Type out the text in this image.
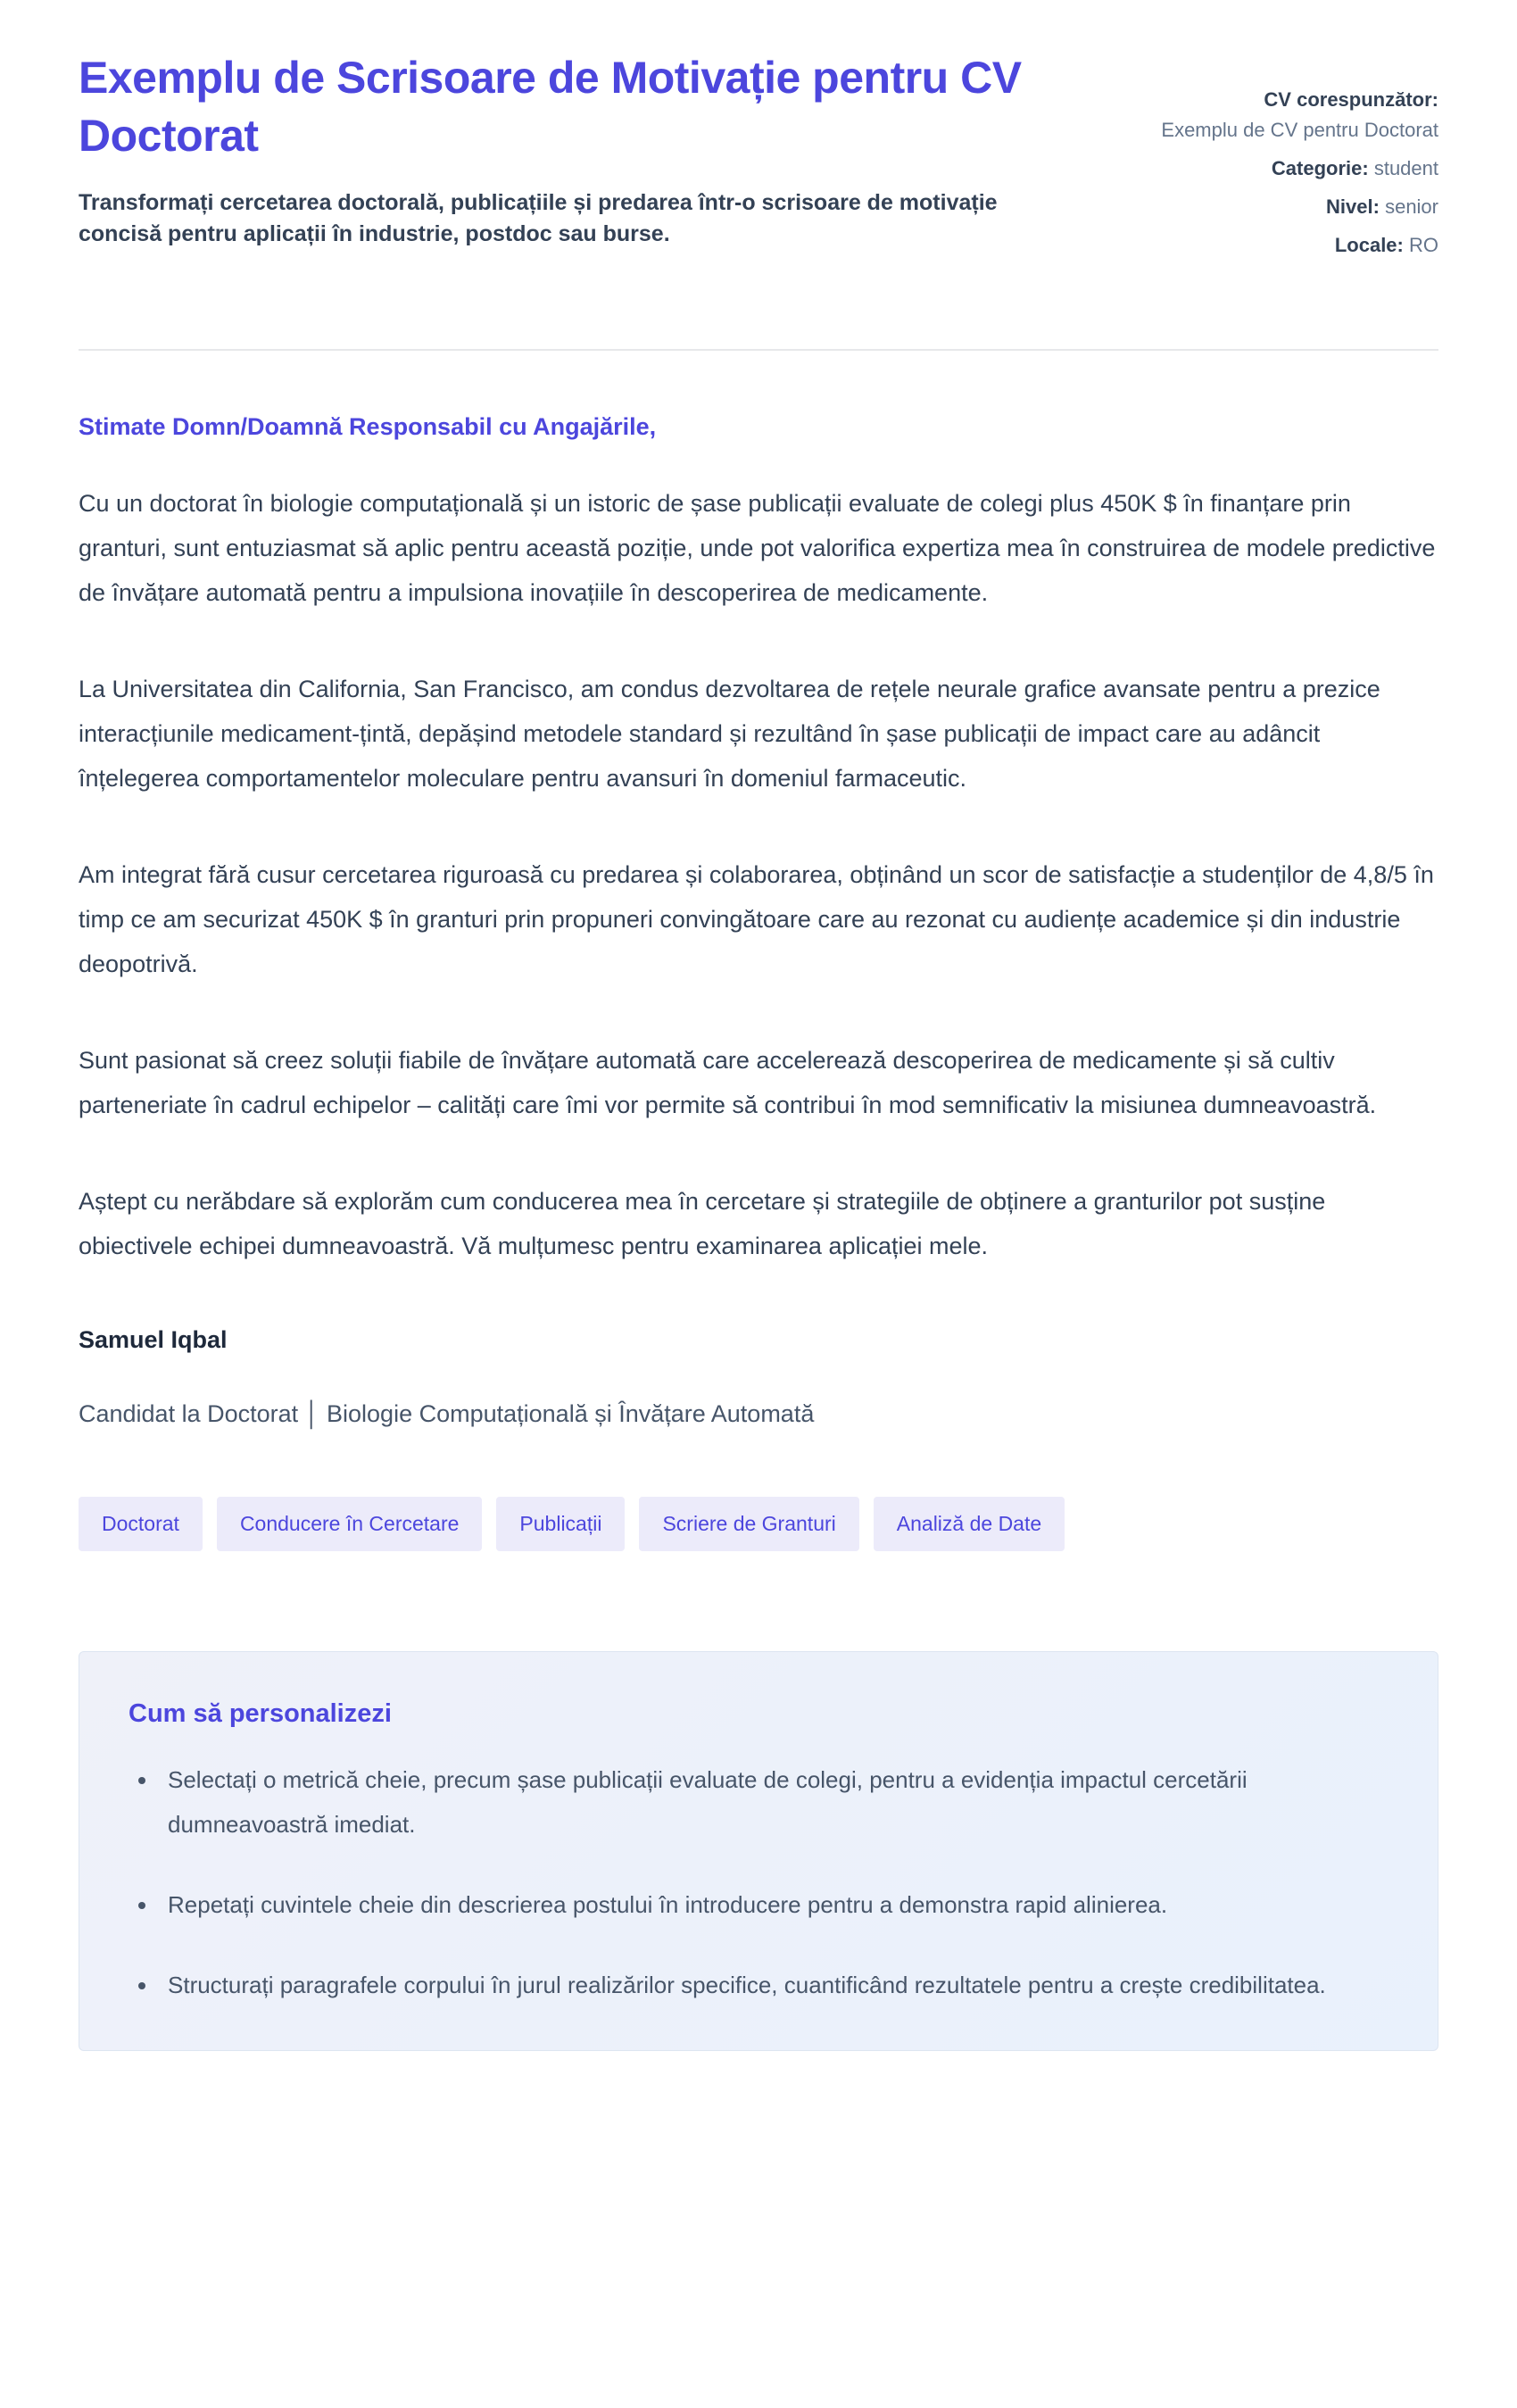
Exemplu de Scrisoare de Motivație pentru CV Doctorat

Transformați cercetarea doctorală, publicațiile și predarea într-o scrisoare de motivație concisă pentru aplicații în industrie, postdoc sau burse.

CV corespunzător:
Exemplu de CV pentru Doctorat
Categorie: student
Nivel: senior
Locale: RO

Stimate Domn/Doamnă Responsabil cu Angajările,

Cu un doctorat în biologie computațională și un istoric de șase publicații evaluate de colegi plus 450K $ în finanțare prin granturi, sunt entuziasmat să aplic pentru această poziție, unde pot valorifica expertiza mea în construirea de modele predictive de învățare automată pentru a impulsiona inovațiile în descoperirea de medicamente.

La Universitatea din California, San Francisco, am condus dezvoltarea de rețele neurale grafice avansate pentru a prezice interacțiunile medicament-țintă, depășind metodele standard și rezultând în șase publicații de impact care au adâncit înțelegerea comportamentelor moleculare pentru avansuri în domeniul farmaceutic.

Am integrat fără cusur cercetarea riguroasă cu predarea și colaborarea, obținând un scor de satisfacție a studenților de 4,8/5 în timp ce am securizat 450K $ în granturi prin propuneri convingătoare care au rezonat cu audiențe academice și din industrie deopotrivă.

Sunt pasionat să creez soluții fiabile de învățare automată care accelerează descoperirea de medicamente și să cultiv parteneriate în cadrul echipelor – calități care îmi vor permite să contribui în mod semnificativ la misiunea dumneavoastră.

Aștept cu nerăbdare să explorăm cum conducerea mea în cercetare și strategiile de obținere a granturilor pot susține obiectivele echipei dumneavoastră. Vă mulțumesc pentru examinarea aplicației mele.

Samuel Iqbal

Candidat la Doctorat │ Biologie Computațională și Învățare Automată

Doctorat	Conducere în Cercetare	Publicații	Scriere de Granturi	Analiză de Date
Cum să personalizezi
• Selectați o metrică cheie, precum șase publicații evaluate de colegi, pentru a evidenția impactul cercetării dumneavoastră imediat.
• Repetați cuvintele cheie din descrierea postului în introducere pentru a demonstra rapid alinierea.
• Structurați paragrafele corpului în jurul realizărilor specifice, cuantificând rezultatele pentru a crește credibilitatea.
